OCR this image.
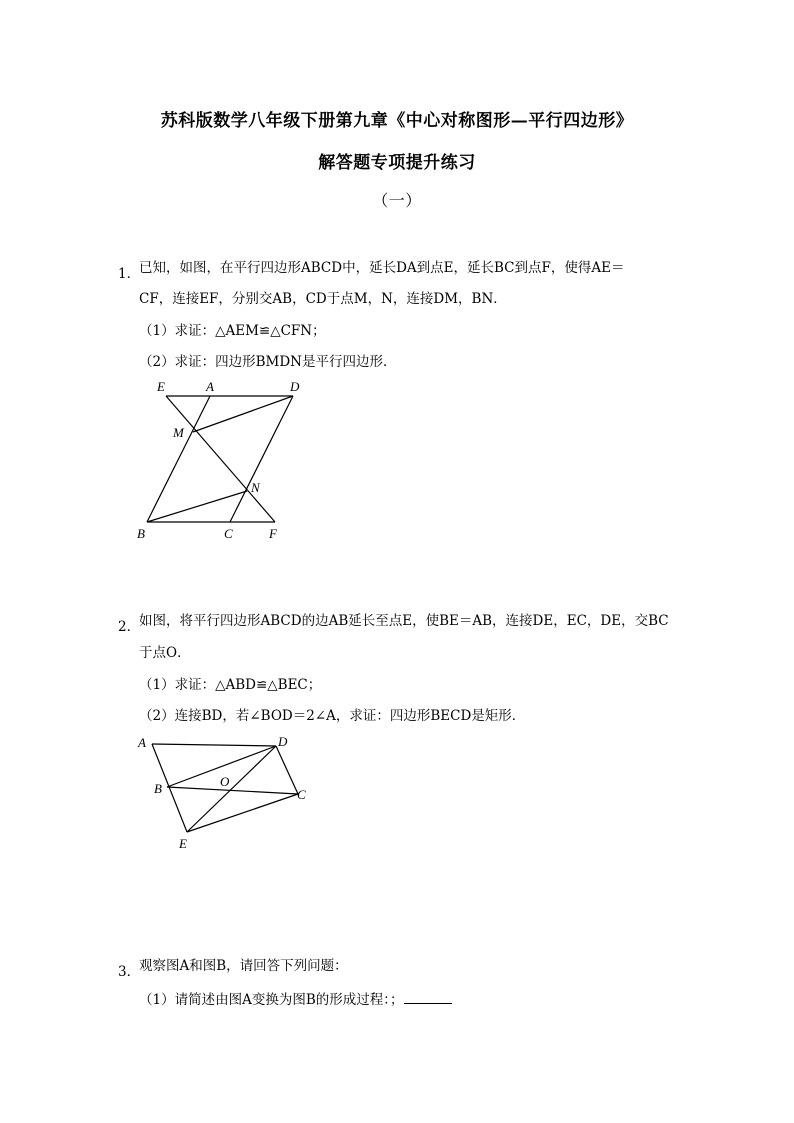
苏科版数学八年级下册第九章《中心对称图形—平行四边形》
解答题专项提升练习
（一）
1．
已知，如图，在平行四边形ABCD中，延长DA到点E，延长BC到点F，使得AE＝
CF，连接EF，分别交AB，CD于点M，N，连接DM，BN．
（1）求证：△AEM≌△CFN；
（2）求证：四边形BMDN是平行四边形．
E	A	D
M
N
B	C	F
2．
如图，将平行四边形ABCD的边AB延长至点E，使BE＝AB，连接DE，EC，DE，交BC
于点O．
（1）求证：△ABD≌△BEC；
（2）连接BD，若∠BOD＝2∠A，求证：四边形BECD是矩形．
A	D
O
B	C
E
3．
观察图A和图B，请回答下列问题：
（1）请简述由图A变换为图B的形成过程：；
